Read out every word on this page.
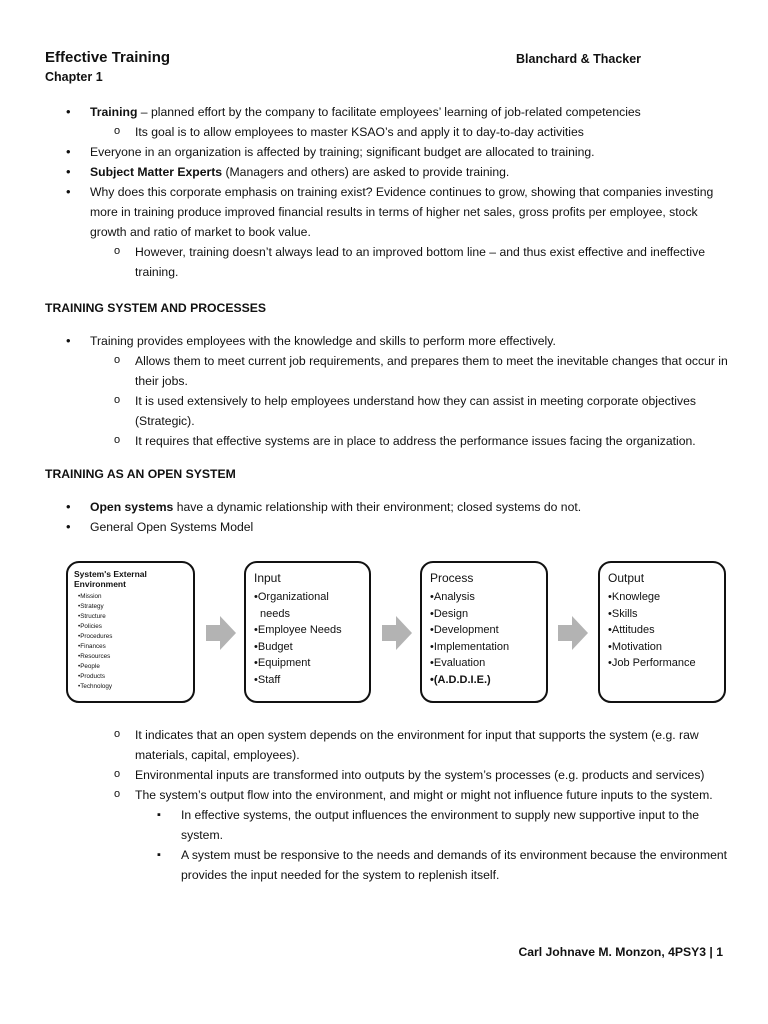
Effective Training	Blanchard & Thacker
Chapter 1
• Training – planned effort by the company to facilitate employees’ learning of job-related competencies
o Its goal is to allow employees to master KSAO’s and apply it to day-to-day activities
• Everyone in an organization is affected by training; significant budget are allocated to training.
• Subject Matter Experts (Managers and others) are asked to provide training.
• Why does this corporate emphasis on training exist? Evidence continues to grow, showing that companies investing more in training produce improved financial results in terms of higher net sales, gross profits per employee, stock growth and ratio of market to book value.
o However, training doesn’t always lead to an improved bottom line – and thus exist effective and ineffective training.
TRAINING SYSTEM AND PROCESSES
• Training provides employees with the knowledge and skills to perform more effectively.
o Allows them to meet current job requirements, and prepares them to meet the inevitable changes that occur in their jobs.
o It is used extensively to help employees understand how they can assist in meeting corporate objectives (Strategic).
o It requires that effective systems are in place to address the performance issues facing the organization.
TRAINING AS AN OPEN SYSTEM
• Open systems have a dynamic relationship with their environment; closed systems do not.
• General Open Systems Model
System's External Environment
• Mission
• Strategy
• Structure
• Policies
• Procedures
• Finances
• Resources
• People
• Products
• Technology
Input
• Organizational needs
• Employee Needs
• Budget
• Equipment
• Staff
Process
• Analysis
• Design
• Development
• Implementation
• Evaluation
• (A.D.D.I.E.)
Output
• Knowlege
• Skills
• Attitudes
• Motivation
• Job Performance
o It indicates that an open system depends on the environment for input that supports the system (e.g. raw materials, capital, employees).
o Environmental inputs are transformed into outputs by the system’s processes (e.g. products and services)
o The system’s output flow into the environment, and might or might not influence future inputs to the system.
▪ In effective systems, the output influences the environment to supply new supportive input to the system.
▪ A system must be responsive to the needs and demands of its environment because the environment provides the input needed for the system to replenish itself.
Carl Johnave M. Monzon, 4PSY3 | 1
